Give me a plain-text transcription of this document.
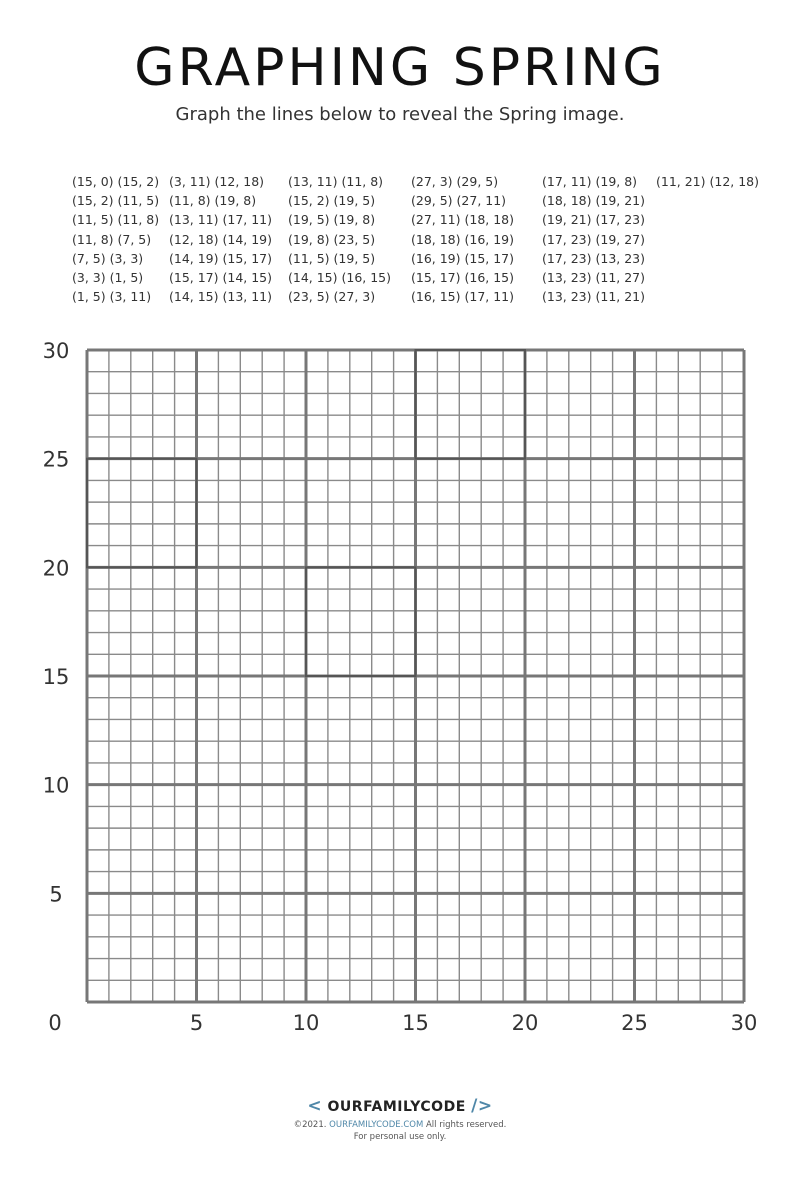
GRAPHING SPRING
Graph the lines below to reveal the Spring image.
(15, 0) (15, 2)
(15, 2) (11, 5)
(11, 5) (11, 8)
(11, 8) (7, 5)
(7, 5) (3, 3)
(3, 3) (1, 5)
(1, 5) (3, 11)
(3, 11) (12, 18)
(11, 8) (19, 8)
(13, 11) (17, 11)
(12, 18) (14, 19)
(14, 19) (15, 17)
(15, 17) (14, 15)
(14, 15) (13, 11)
(13, 11) (11, 8)
(15, 2) (19, 5)
(19, 5) (19, 8)
(19, 8) (23, 5)
(11, 5) (19, 5)
(14, 15) (16, 15)
(23, 5) (27, 3)
(27, 3) (29, 5)
(29, 5) (27, 11)
(27, 11) (18, 18)
(18, 18) (16, 19)
(16, 19) (15, 17)
(15, 17) (16, 15)
(16, 15) (17, 11)
(17, 11) (19, 8)
(18, 18) (19, 21)
(19, 21) (17, 23)
(17, 23) (19, 27)
(17, 23) (13, 23)
(13, 23) (11, 27)
(13, 23) (11, 21)
(11, 21) (12, 18)
0	5	10	15	20	25	30
5
10
15
20
25
30
< OURFAMILYCODE />
©2021. OURFAMILYCODE.COM All rights reserved.
For personal use only.
